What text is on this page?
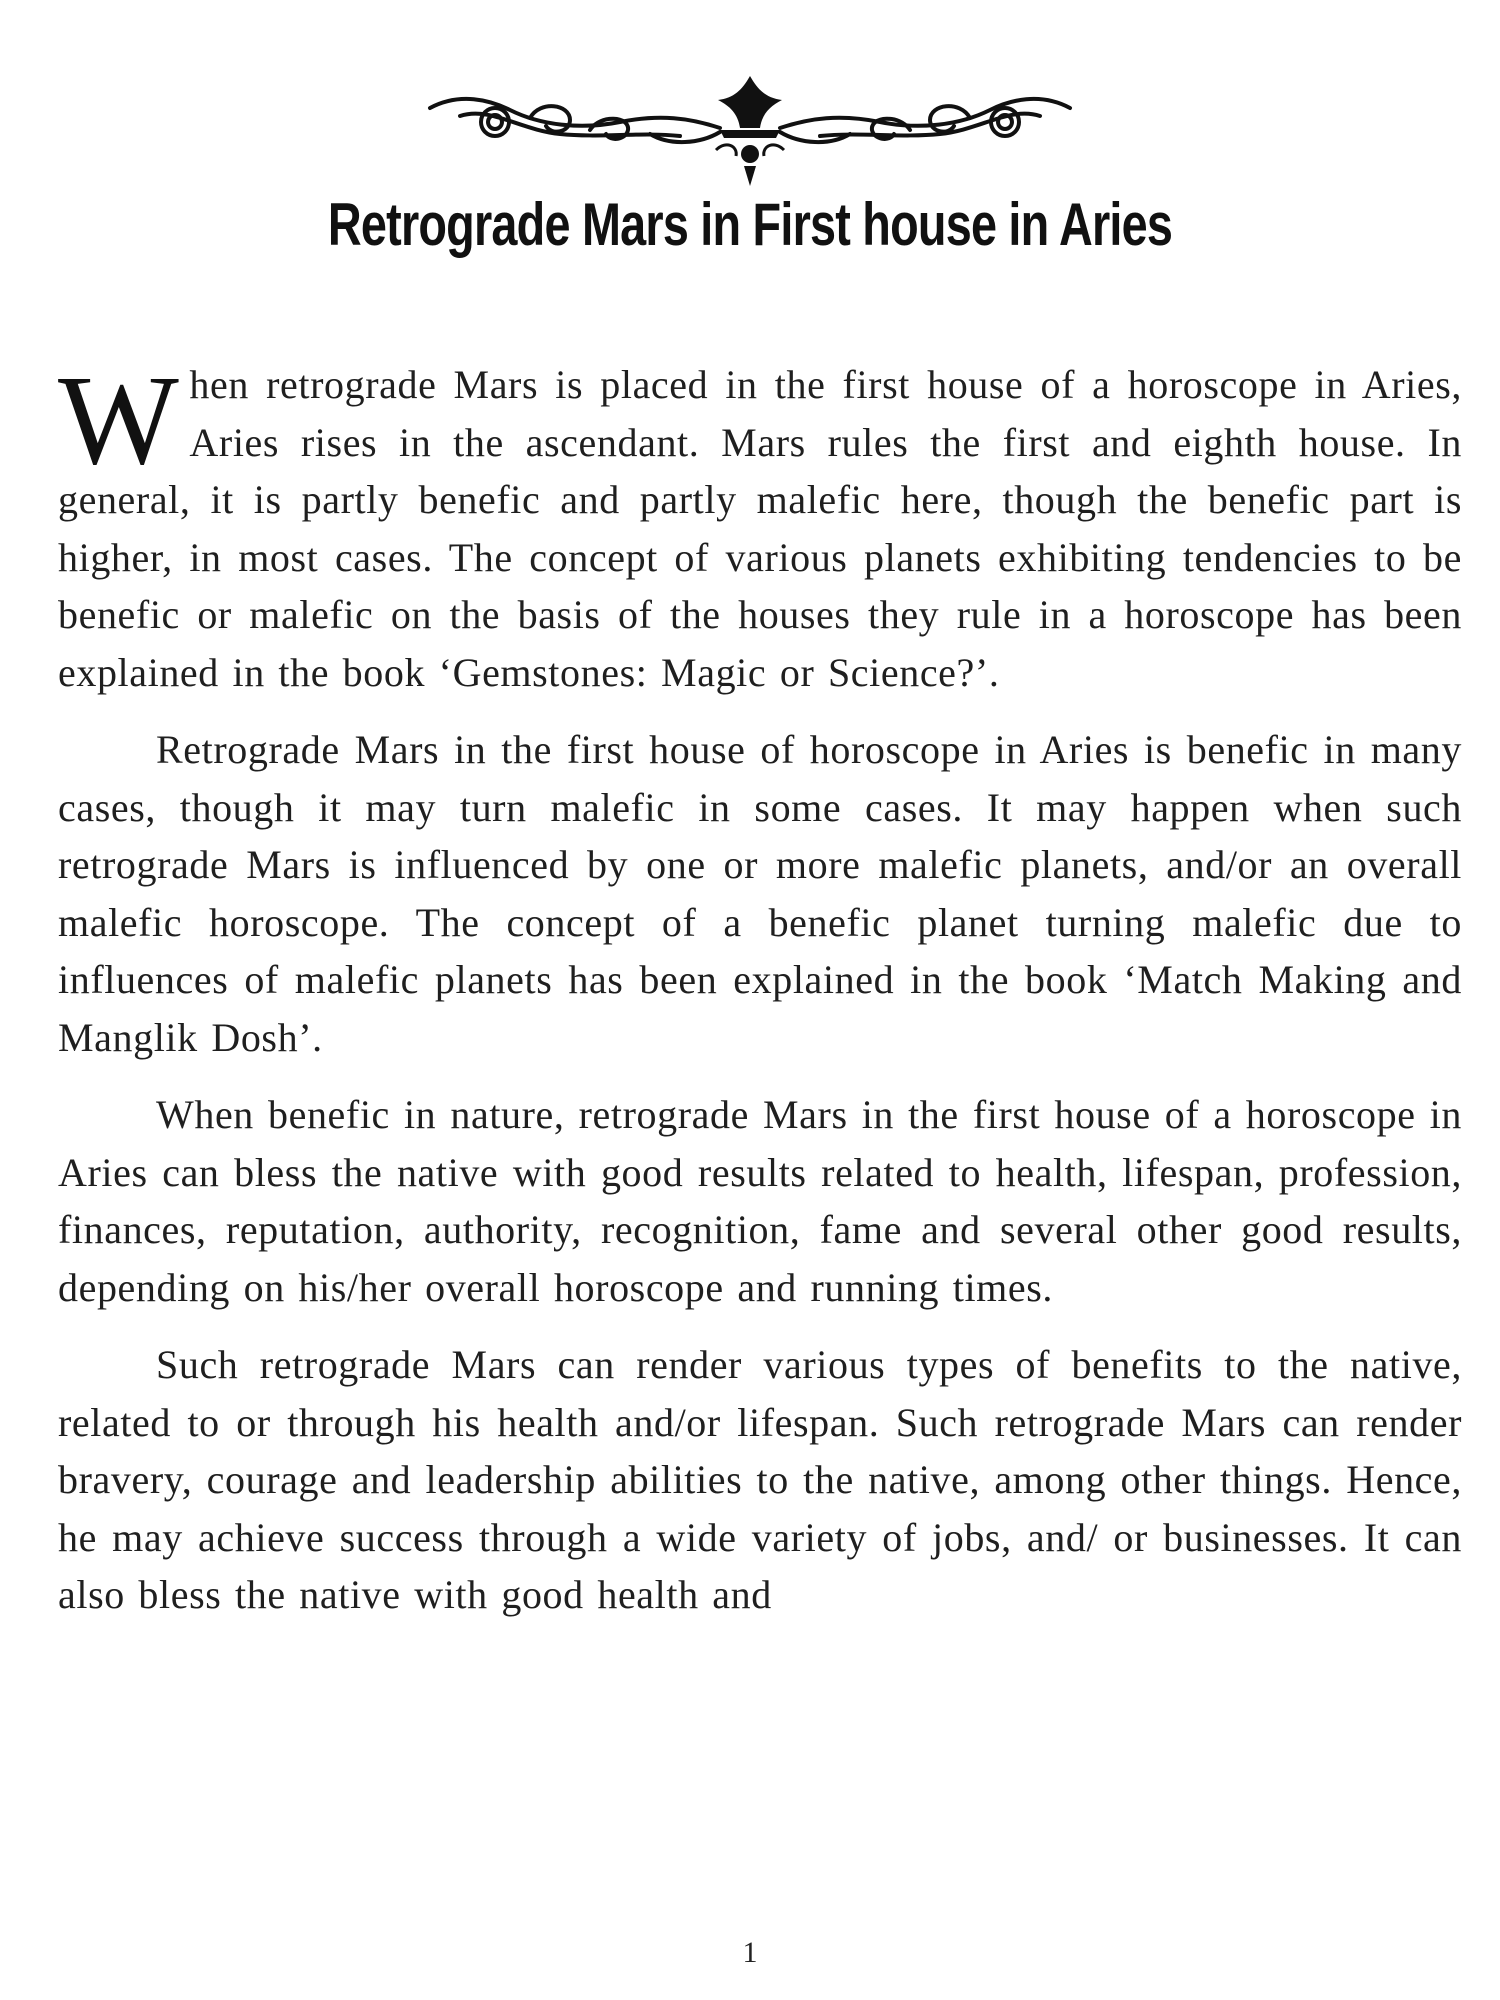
Retrograde Mars in First house in Aries

When retrograde Mars is placed in the first house of a horoscope in Aries, Aries rises in the ascendant. Mars rules the first and eighth house. In general, it is partly benefic and partly malefic here, though the benefic part is higher, in most cases. The concept of various planets exhibiting tendencies to be benefic or malefic on the basis of the houses they rule in a horoscope has been explained in the book ‘Gemstones: Magic or Science?’.

Retrograde Mars in the first house of horoscope in Aries is benefic in many cases, though it may turn malefic in some cases. It may happen when such retrograde Mars is influenced by one or more malefic planets, and/or an overall malefic horoscope. The concept of a benefic planet turning malefic due to influences of malefic planets has been explained in the book ‘Match Making and Manglik Dosh’.

When benefic in nature, retrograde Mars in the first house of a horoscope in Aries can bless the native with good results related to health, lifespan, profession, finances, reputation, authority, recognition, fame and several other good results, depending on his/her overall horoscope and running times.

Such retrograde Mars can render various types of benefits to the native, related to or through his health and/or lifespan. Such retrograde Mars can render bravery, courage and leadership abilities to the native, among other things. Hence, he may achieve success through a wide variety of jobs, and/ or businesses. It can also bless the native with good health and

1
